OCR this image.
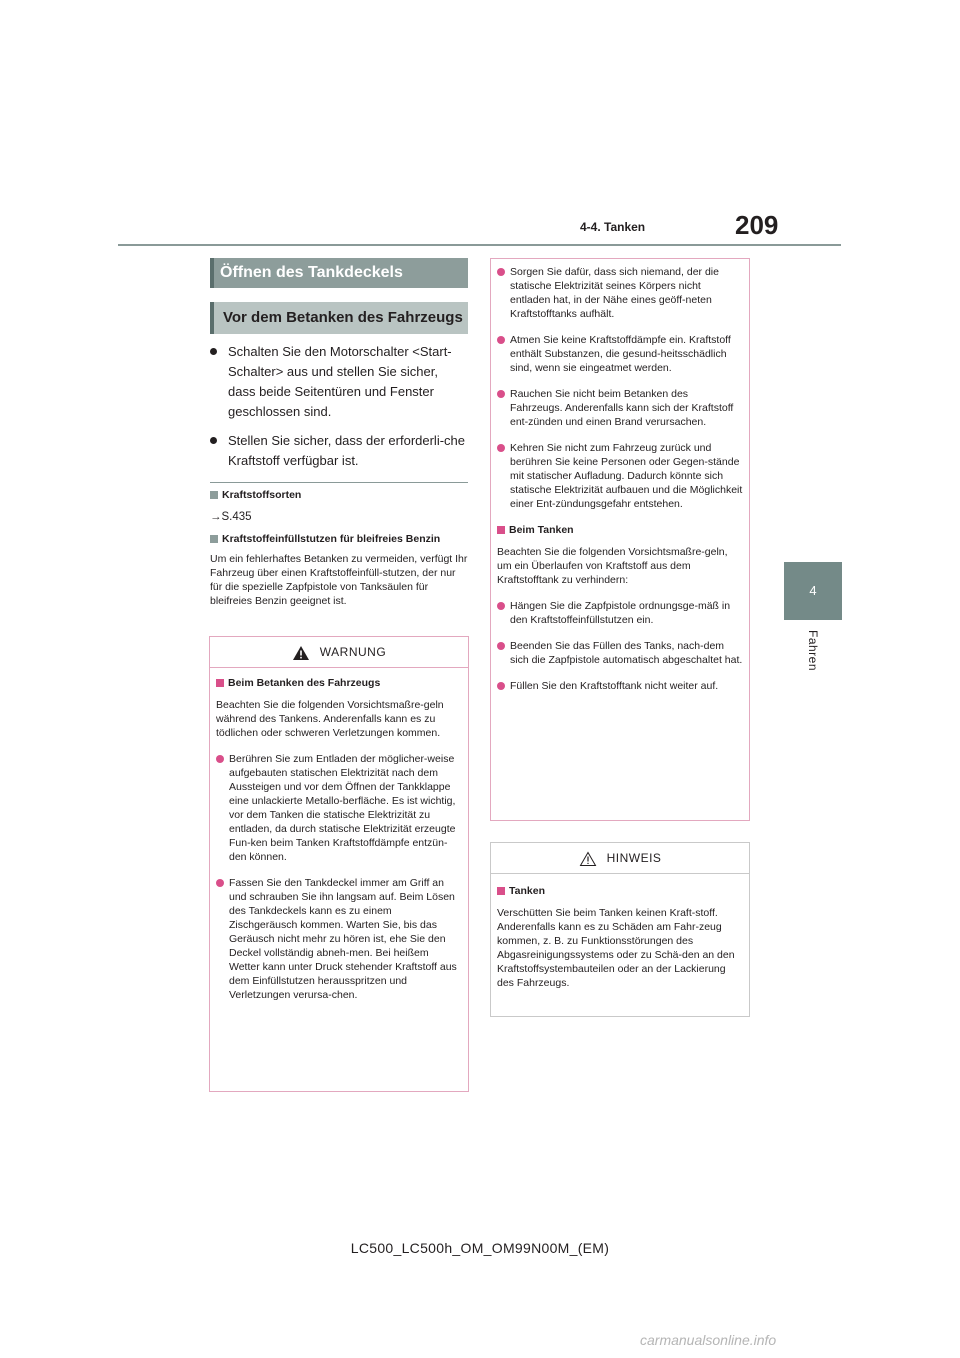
4-4. Tanken	209
4
Fahren
Öffnen des Tankdeckels
Vor dem Betanken des Fahrzeugs
Schalten Sie den Motorschalter <Start-Schalter> aus und stellen Sie sicher, dass beide Seitentüren und Fenster geschlossen sind.
Stellen Sie sicher, dass der erforderli-che Kraftstoff verfügbar ist.
Kraftstoffsorten
→S.435
Kraftstoffeinfüllstutzen für bleifreies Benzin
Um ein fehlerhaftes Betanken zu vermeiden, verfügt Ihr Fahrzeug über einen Kraftstoffeinfüll-stutzen, der nur für die spezielle Zapfpistole von Tanksäulen für bleifreies Benzin geeignet ist.
WARNUNG
Beim Betanken des Fahrzeugs
Beachten Sie die folgenden Vorsichtsmaßre-geln während des Tankens. Anderenfalls kann es zu tödlichen oder schweren Verletzungen kommen.
Berühren Sie zum Entladen der möglicher-weise aufgebauten statischen Elektrizität nach dem Aussteigen und vor dem Öffnen der Tankklappe eine unlackierte Metallo-berfläche. Es ist wichtig, vor dem Tanken die statische Elektrizität zu entladen, da durch statische Elektrizität erzeugte Fun-ken beim Tanken Kraftstoffdämpfe entzün-den können.
Fassen Sie den Tankdeckel immer am Griff an und schrauben Sie ihn langsam auf. Beim Lösen des Tankdeckels kann es zu einem Zischgeräusch kommen. Warten Sie, bis das Geräusch nicht mehr zu hören ist, ehe Sie den Deckel vollständig abneh-men. Bei heißem Wetter kann unter Druck stehender Kraftstoff aus dem Einfüllstutzen herausspritzen und Verletzungen verursa-chen.
Sorgen Sie dafür, dass sich niemand, der die statische Elektrizität seines Körpers nicht entladen hat, in der Nähe eines geöff-neten Kraftstofftanks aufhält.
Atmen Sie keine Kraftstoffdämpfe ein. Kraftstoff enthält Substanzen, die gesund-heitsschädlich sind, wenn sie eingeatmet werden.
Rauchen Sie nicht beim Betanken des Fahrzeugs. Anderenfalls kann sich der Kraftstoff ent-zünden und einen Brand verursachen.
Kehren Sie nicht zum Fahrzeug zurück und berühren Sie keine Personen oder Gegen-stände mit statischer Aufladung. Dadurch könnte sich statische Elektrizität aufbauen und die Möglichkeit einer Ent-zündungsgefahr entstehen.
Beim Tanken
Beachten Sie die folgenden Vorsichtsmaßre-geln, um ein Überlaufen von Kraftstoff aus dem Kraftstofftank zu verhindern:
Hängen Sie die Zapfpistole ordnungsge-mäß in den Kraftstoffeinfüllstutzen ein.
Beenden Sie das Füllen des Tanks, nach-dem sich die Zapfpistole automatisch abgeschaltet hat.
Füllen Sie den Kraftstofftank nicht weiter auf.
HINWEIS
Tanken
Verschütten Sie beim Tanken keinen Kraft-stoff. Anderenfalls kann es zu Schäden am Fahr-zeug kommen, z. B. zu Funktionsstörungen des Abgasreinigungssystems oder zu Schä-den an den Kraftstoffsystembauteilen oder an der Lackierung des Fahrzeugs.
LC500_LC500h_OM_OM99N00M_(EM)
carmanualsonline.info
